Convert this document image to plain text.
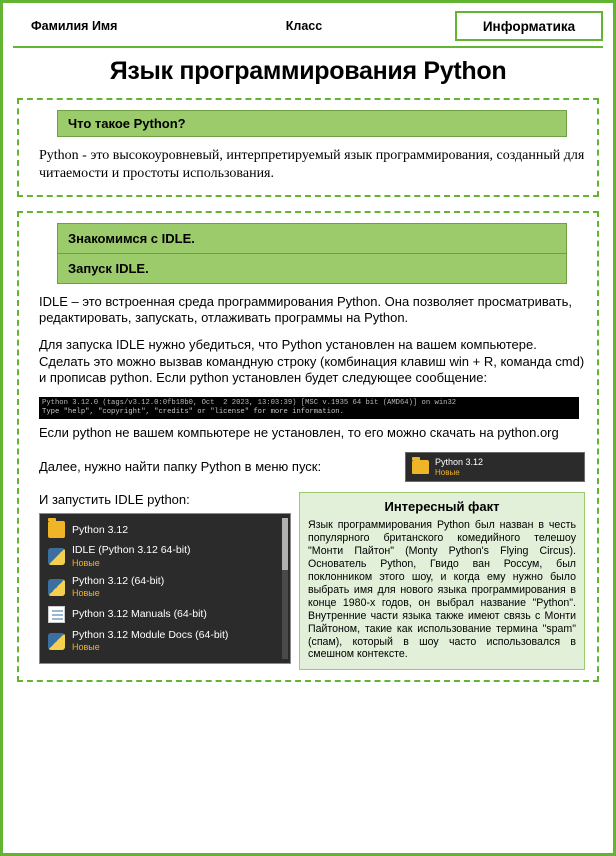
Фамилия Имя	Класс	Информатика
Язык программирования Python
Что такое Python?
Python - это высокоуровневый, интерпретируемый язык программирования, созданный для читаемости и простоты использования.
Знакомимся с IDLE.
Запуск IDLE.
IDLE – это встроенная среда программирования Python. Она позволяет просматривать, редактировать, запускать, отлаживать программы на Python.
Для запуска IDLE нужно убедиться, что Python установлен на вашем компьютере. Сделать это можно вызвав командную строку (комбинация клавиш win + R, команда cmd) и прописав python. Если python установлен будет следующее сообщение:
Python 3.12.0 (tags/v3.12.0:0fb18b0, Oct  2 2023, 13:03:39) [MSC v.1935 64 bit (AMD64)] on win32
Type "help", "copyright", "credits" or "license" for more information.
Если python не вашем компьютере не установлен, то его можно скачать на python.org
Далее, нужно найти папку Python в меню пуск:	Python 3.12
Новые
И запустить IDLE python:
Python 3.12
IDLE (Python 3.12 64-bit)
Новые
Python 3.12 (64-bit)
Новые
Python 3.12 Manuals (64-bit)
Python 3.12 Module Docs (64-bit)
Новые
Интересный факт

Язык программирования Python был назван в честь популярного британского комедийного телешоу "Монти Пайтон" (Monty Python's Flying Circus). Основатель Python, Гвидо ван Россум, был поклонником этого шоу, и когда ему нужно было выбрать имя для нового языка программирования в конце 1980-х годов, он выбрал название "Python". Внутренние части языка также имеют связь с Монти Пайтоном, такие как использование термина "spam" (спам), который в шоу часто использовался в смешном контексте.
